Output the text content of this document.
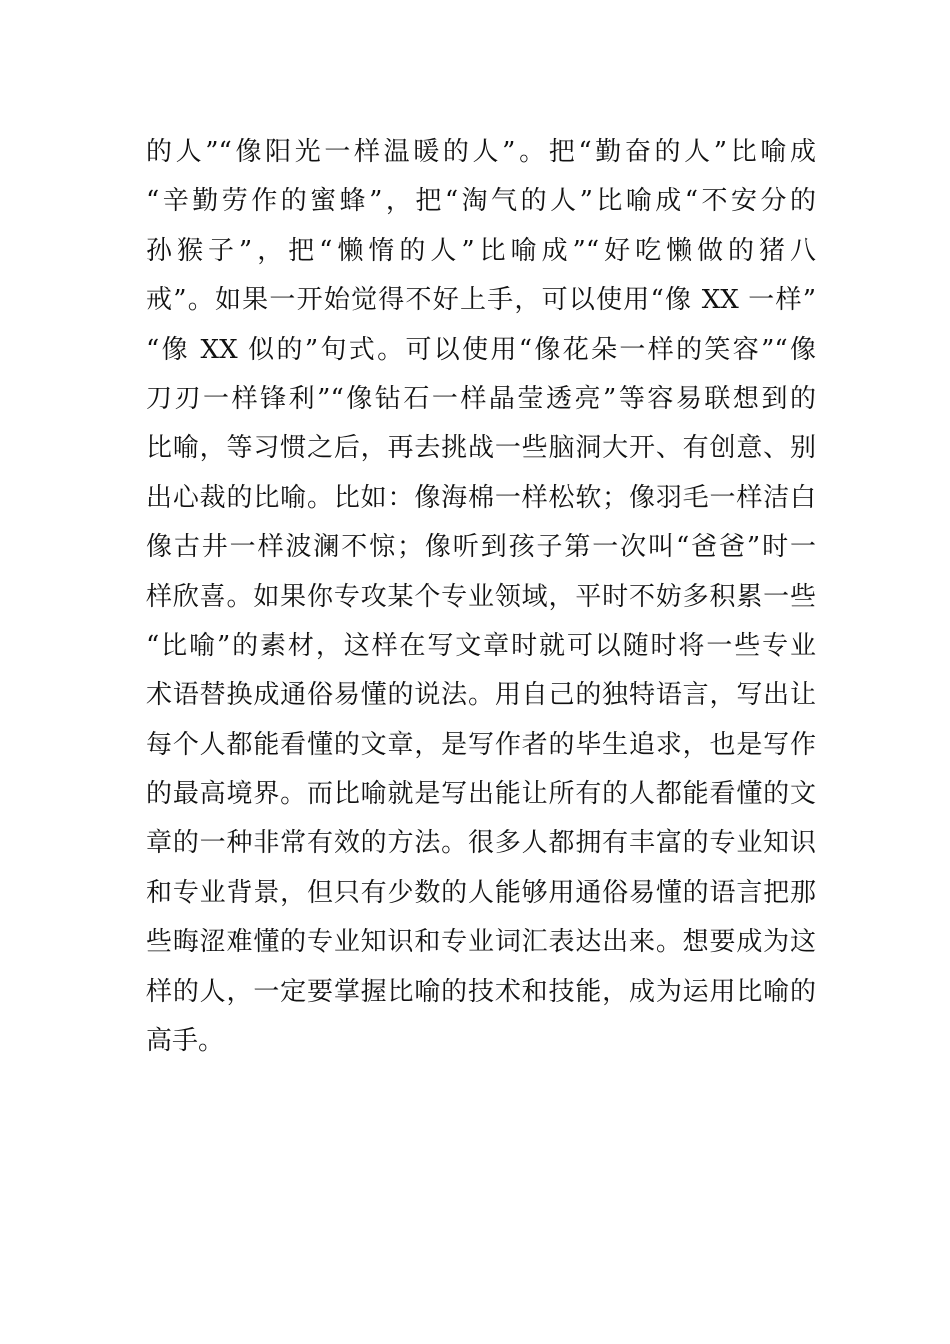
的人”“像阳光一样温暖的人”。把“勤奋的人”比喻成
“辛勤劳作的蜜蜂”，把“淘气的人”比喻成“不安分的
孙猴子”，把“懒惰的人”比喻成”“好吃懒做的猪八
戒”。如果一开始觉得不好上手，可以使用“像 XX 一样”
“像 XX 似的”句式。可以使用“像花朵一样的笑容”“像
刀刃一样锋利”“像钻石一样晶莹透亮”等容易联想到的
比喻，等习惯之后，再去挑战一些脑洞大开、有创意、别
出心裁的比喻。比如：像海棉一样松软；像羽毛一样洁白
像古井一样波澜不惊；像听到孩子第一次叫“爸爸”时一
样欣喜。如果你专攻某个专业领域，平时不妨多积累一些
“比喻”的素材，这样在写文章时就可以随时将一些专业
术语替换成通俗易懂的说法。用自己的独特语言，写出让
每个人都能看懂的文章，是写作者的毕生追求，也是写作
的最高境界。而比喻就是写出能让所有的人都能看懂的文
章的一种非常有效的方法。很多人都拥有丰富的专业知识
和专业背景，但只有少数的人能够用通俗易懂的语言把那
些晦涩难懂的专业知识和专业词汇表达出来。想要成为这
样的人，一定要掌握比喻的技术和技能，成为运用比喻的
高手。
